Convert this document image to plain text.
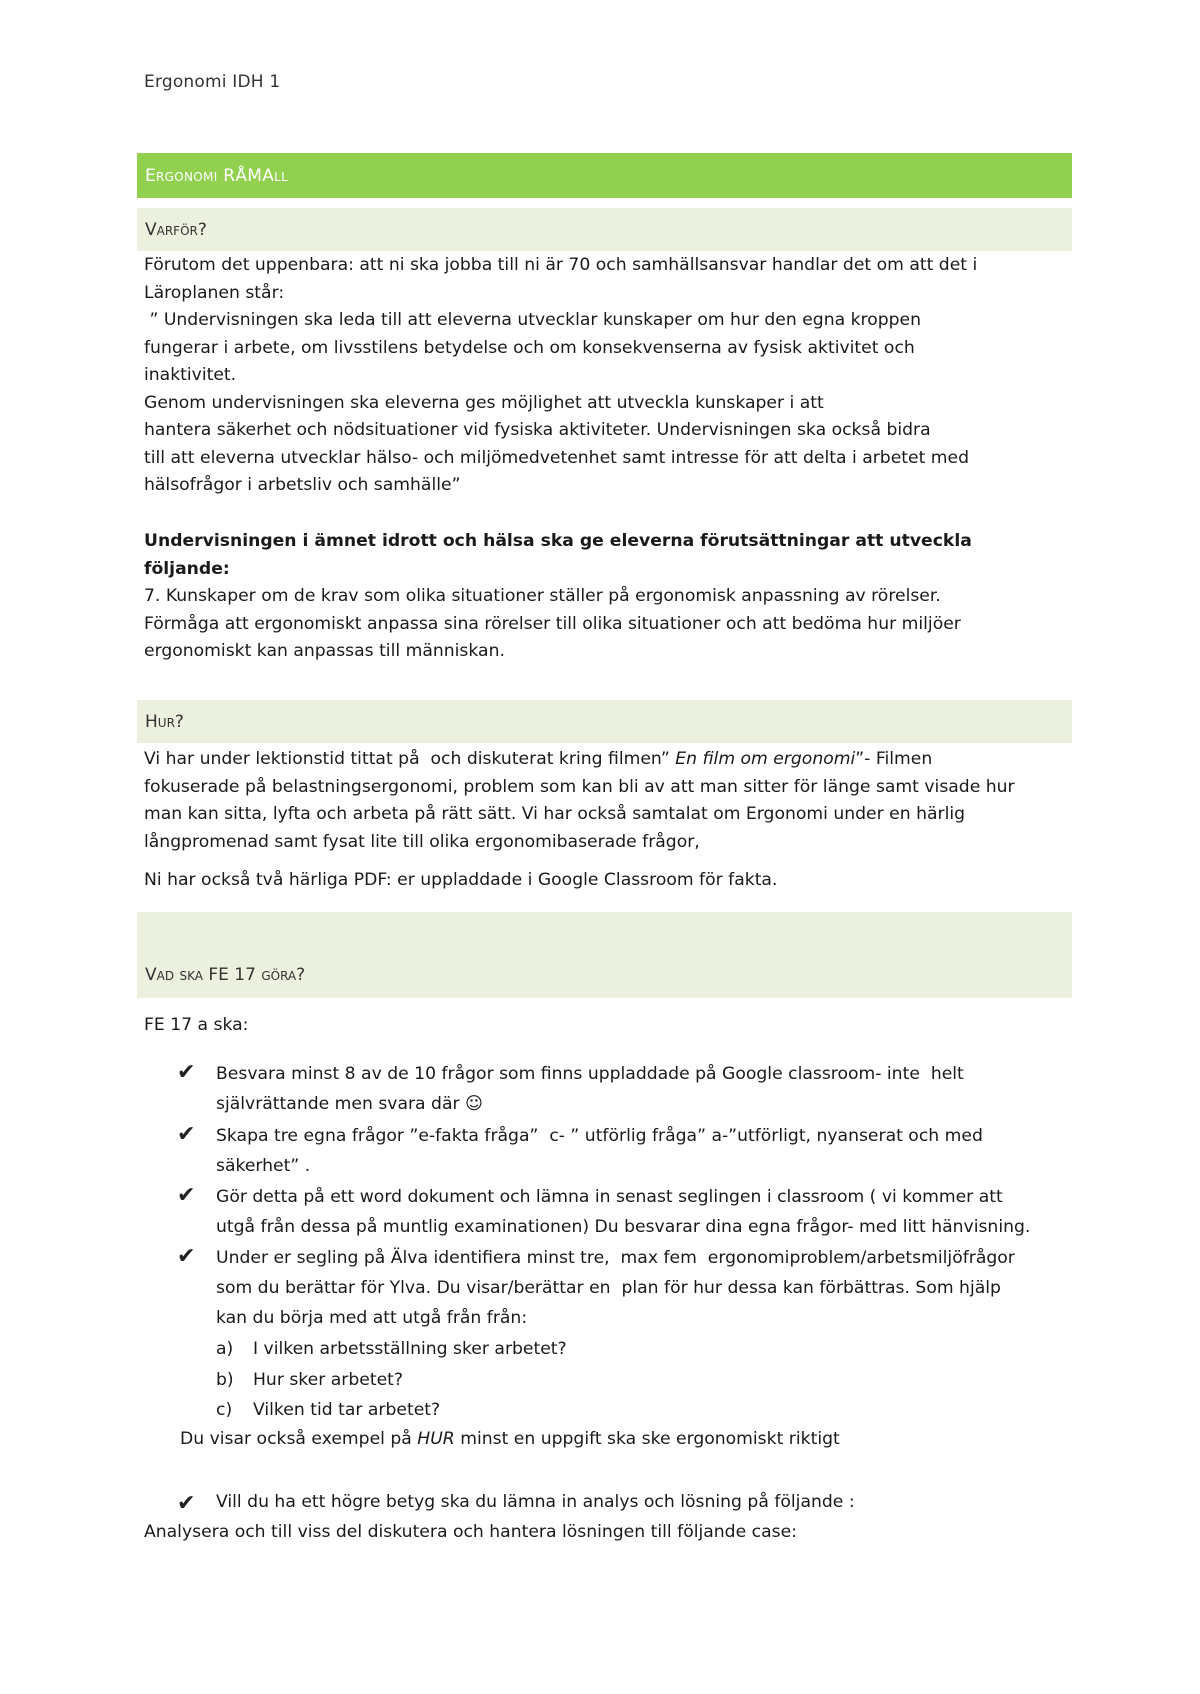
Ergonomi IDH 1
Ergonomi RÅMAll
Varför?
Förutom det uppenbara: att ni ska jobba till ni är 70 och samhällsansvar handlar det om att det i
Läroplanen står:
” Undervisningen ska leda till att eleverna utvecklar kunskaper om hur den egna kroppen
fungerar i arbete, om livsstilens betydelse och om konsekvenserna av fysisk aktivitet och
inaktivitet.
Genom undervisningen ska eleverna ges möjlighet att utveckla kunskaper i att
hantera säkerhet och nödsituationer vid fysiska aktiviteter. Undervisningen ska också bidra
till att eleverna utvecklar hälso- och miljömedvetenhet samt intresse för att delta i arbetet med
hälsofrågor i arbetsliv och samhälle”
Undervisningen i ämnet idrott och hälsa ska ge eleverna förutsättningar att utveckla
följande:
7. Kunskaper om de krav som olika situationer ställer på ergonomisk anpassning av rörelser.
Förmåga att ergonomiskt anpassa sina rörelser till olika situationer och att bedöma hur miljöer
ergonomiskt kan anpassas till människan.
Hur?
Vi har under lektionstid tittat på  och diskuterat kring filmen” En film om ergonomi”- Filmen
fokuserade på belastningsergonomi, problem som kan bli av att man sitter för länge samt visade hur
man kan sitta, lyfta och arbeta på rätt sätt. Vi har också samtalat om Ergonomi under en härlig
långpromenad samt fysat lite till olika ergonomibaserade frågor,
Ni har också två härliga PDF: er uppladdade i Google Classroom för fakta.
Vad ska FE 17 göra?
FE 17 a ska:
✔ Besvara minst 8 av de 10 frågor som finns uppladdade på Google classroom- inte  helt
självrättande men svara där ☺
✔ Skapa tre egna frågor ”e-fakta fråga”  c- ” utförlig fråga” a-”utförligt, nyanserat och med
säkerhet” .
✔ Gör detta på ett word dokument och lämna in senast seglingen i classroom ( vi kommer att
utgå från dessa på muntlig examinationen) Du besvarar dina egna frågor- med litt hänvisning.
✔ Under er segling på Älva identifiera minst tre,  max fem  ergonomiproblem/arbetsmiljöfrågor
som du berättar för Ylva. Du visar/berättar en  plan för hur dessa kan förbättras. Som hjälp
kan du börja med att utgå från från:
a) I vilken arbetsställning sker arbetet?
b) Hur sker arbetet?
c) Vilken tid tar arbetet?
Du visar också exempel på HUR minst en uppgift ska ske ergonomiskt riktigt
✔ Vill du ha ett högre betyg ska du lämna in analys och lösning på följande :
Analysera och till viss del diskutera och hantera lösningen till följande case:
